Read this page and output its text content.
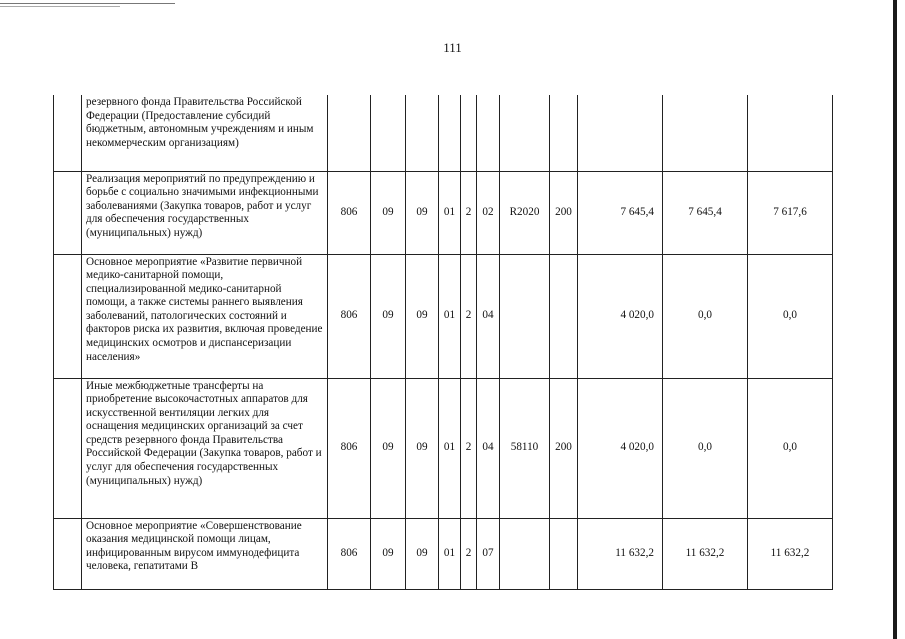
111
	резервного фонда Правительства Российской Федерации (Предоставление субсидий бюджетным, автономным учреждениям и иным некоммерческим организациям)											
	Реализация мероприятий по предупреждению и борьбе с социально значимыми инфекционными заболеваниями (Закупка товаров, работ и услуг для обеспечения государственных (муниципальных) нужд)	806	09	09	01	2	02	R2020	200	7 645,4	7 645,4	7 617,6
	Основное мероприятие «Развитие первичной медико-санитарной помощи, специализированной медико-санитарной помощи, а также системы раннего выявления заболеваний, патологических состояний и факторов риска их развития, включая проведение медицинских осмотров и диспансеризации населения»	806	09	09	01	2	04			4 020,0	0,0	0,0
	Иные межбюджетные трансферты на приобретение высокочастотных аппаратов для искусственной вентиляции легких для оснащения медицинских организаций за счет средств резервного фонда Правительства Российской Федерации (Закупка товаров, работ и услуг для обеспечения государственных (муниципальных) нужд)	806	09	09	01	2	04	58110	200	4 020,0	0,0	0,0
	Основное мероприятие «Совершенствование оказания медицинской помощи лицам, инфицированным вирусом иммунодефицита человека, гепатитами В	806	09	09	01	2	07			11 632,2	11 632,2	11 632,2
